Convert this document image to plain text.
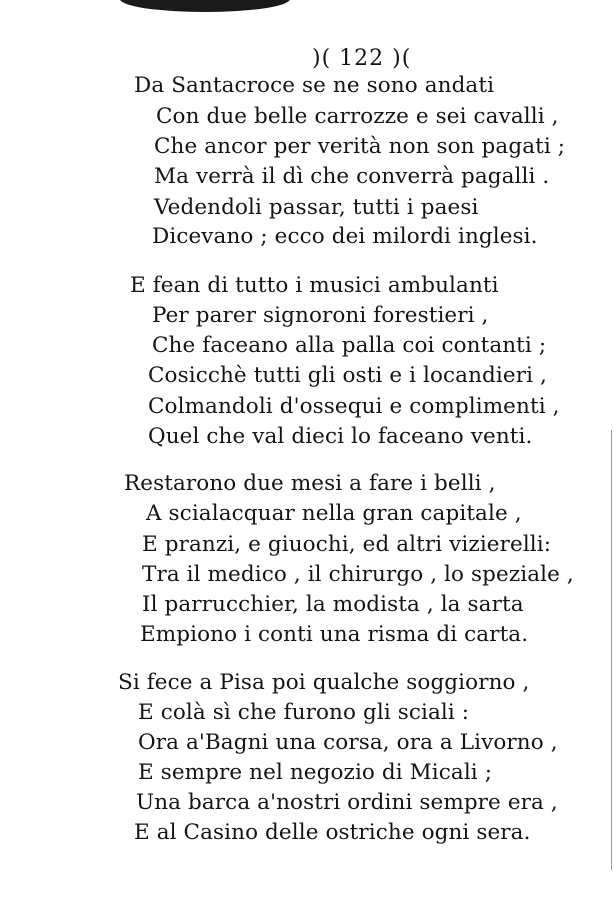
)( 122 )(
Da Santacroce se ne sono andati
Con due belle carrozze e sei cavalli ,
Che ancor per verità non son pagati ;
Ma verrà il dì che converrà pagalli .
Vedendoli passar, tutti i paesi
Dicevano ; ecco dei milordi inglesi.
E fean di tutto i musici ambulanti
Per parer signoroni forestieri ,
Che faceano alla palla coi contanti ;
Cosicchè tutti gli osti e i locandieri ,
Colmandoli d'ossequi e complimenti ,
Quel che val dieci lo faceano venti.
Restarono due mesi a fare i belli ,
A scialacquar nella gran capitale ,
E pranzi, e giuochi, ed altri vizierelli:
Tra il medico , il chirurgo , lo speziale ,
Il parrucchier, la modista , la sarta
Empiono i conti una risma di carta.
Si fece a Pisa poi qualche soggiorno ,
E colà sì che furono gli sciali :
Ora a'Bagni una corsa, ora a Livorno ,
E sempre nel negozio di Micali ;
Una barca a'nostri ordini sempre era ,
E al Casino delle ostriche ogni sera.
